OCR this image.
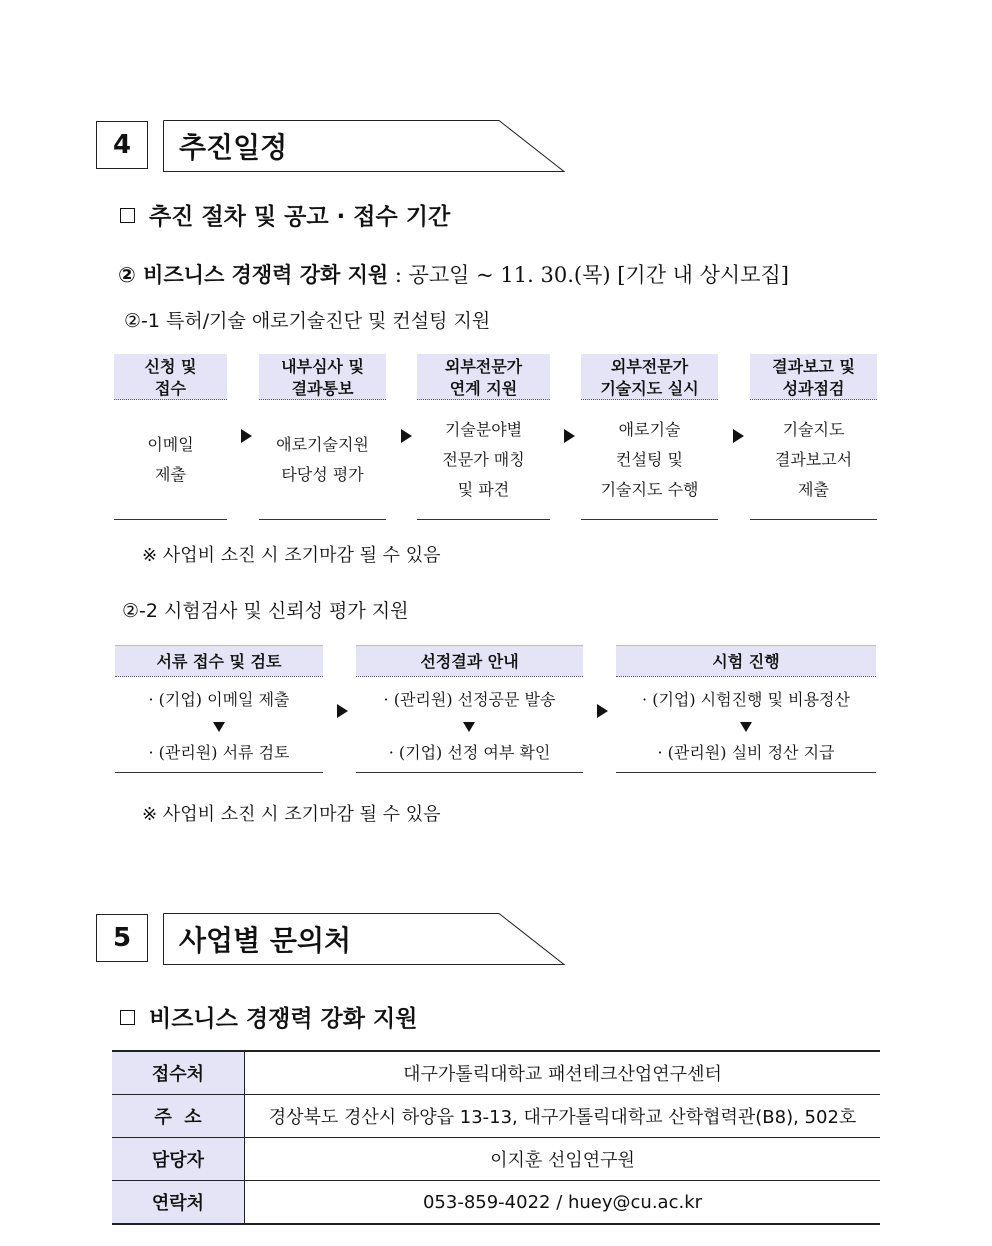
4	추진일정
추진 절차 및 공고 · 접수 기간
② 비즈니스 경쟁력 강화 지원 : 공고일 ~ 11. 30.(목) [기간 내 상시모집]
②-1 특허/기술 애로기술진단 및 컨설팅 지원
신청 및
접수
이메일
제출
내부심사 및
결과통보
애로기술지원
타당성 평가
외부전문가
연계 지원
기술분야별
전문가 매칭
및 파견
외부전문가
기술지도 실시
애로기술
컨설팅 및
기술지도 수행
결과보고 및
성과점검
기술지도
결과보고서
제출
※ 사업비 소진 시 조기마감 될 수 있음
②-2 시험검사 및 신뢰성 평가 지원
서류 접수 및 검토
· (기업) 이메일 제출
· (관리원) 서류 검토
선정결과 안내
· (관리원) 선정공문 발송
· (기업) 선정 여부 확인
시험 진행
· (기업) 시험진행 및 비용정산
· (관리원) 실비 정산 지급
※ 사업비 소진 시 조기마감 될 수 있음
5	사업별 문의처
비즈니스 경쟁력 강화 지원
접수처	대구가톨릭대학교 패션테크산업연구센터
주  소	경상북도 경산시 하양읍 13-13, 대구가톨릭대학교 산학협력관(B8), 502호
담당자	이지훈 선임연구원
연락처	053-859-4022 / huey@cu.ac.kr
